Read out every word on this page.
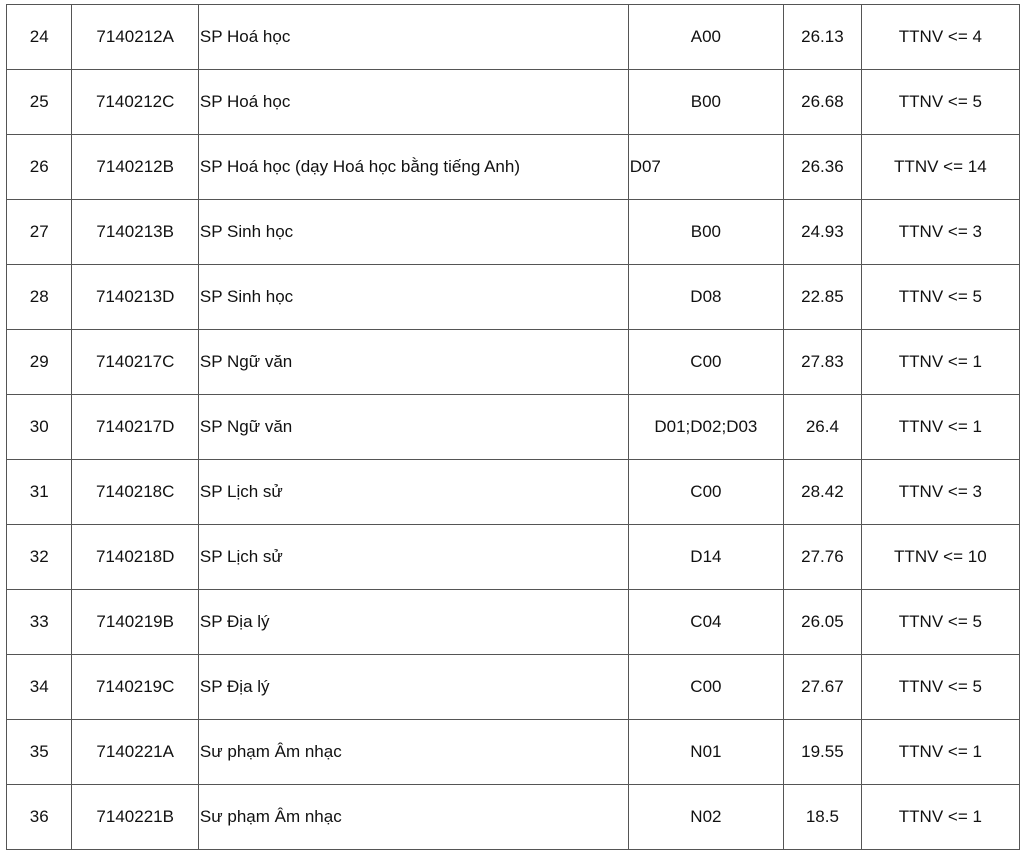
24	7140212A	SP Hoá học	A00	26.13	TTNV <= 4
25	7140212C	SP Hoá học	B00	26.68	TTNV <= 5
26	7140212B	SP Hoá học (dạy Hoá học bằng tiếng Anh)	D07	26.36	TTNV <= 14
27	7140213B	SP Sinh học	B00	24.93	TTNV <= 3
28	7140213D	SP Sinh học	D08	22.85	TTNV <= 5
29	7140217C	SP Ngữ văn	C00	27.83	TTNV <= 1
30	7140217D	SP Ngữ văn	D01;D02;D03	26.4	TTNV <= 1
31	7140218C	SP Lịch sử	C00	28.42	TTNV <= 3
32	7140218D	SP Lịch sử	D14	27.76	TTNV <= 10
33	7140219B	SP Địa lý	C04	26.05	TTNV <= 5
34	7140219C	SP Địa lý	C00	27.67	TTNV <= 5
35	7140221A	Sư phạm Âm nhạc	N01	19.55	TTNV <= 1
36	7140221B	Sư phạm Âm nhạc	N02	18.5	TTNV <= 1
